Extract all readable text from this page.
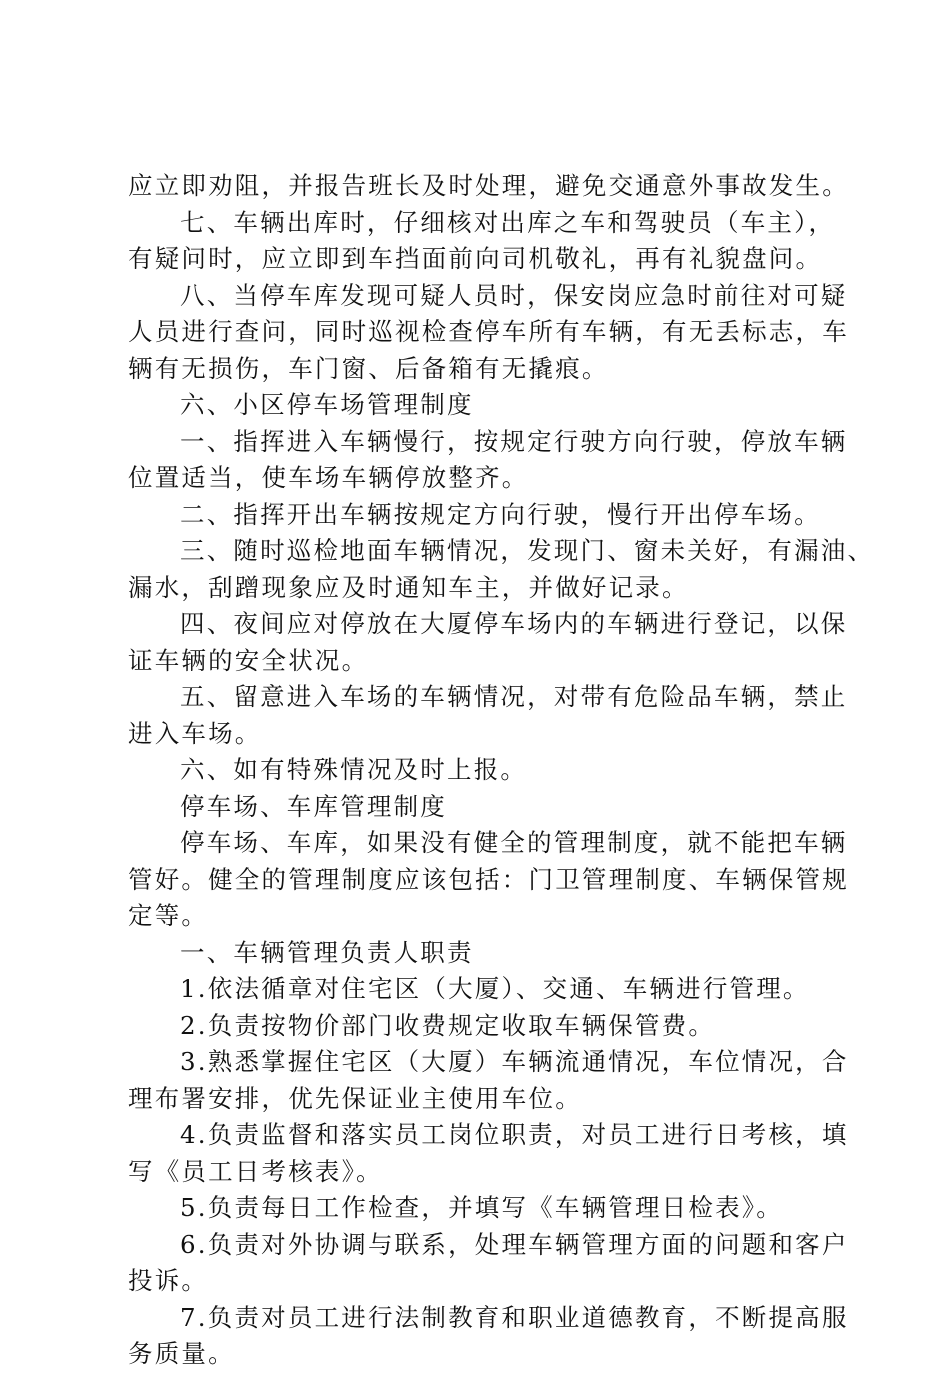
应立即劝阻，并报告班长及时处理，避免交通意外事故发生。
七、车辆出库时，仔细核对出库之车和驾驶员（车主），
有疑问时，应立即到车挡面前向司机敬礼，再有礼貌盘问。
八、当停车库发现可疑人员时，保安岗应急时前往对可疑
人员进行查问，同时巡视检查停车所有车辆，有无丢标志，车
辆有无损伤，车门窗、后备箱有无撬痕。
六、小区停车场管理制度
一、指挥进入车辆慢行，按规定行驶方向行驶，停放车辆
位置适当，使车场车辆停放整齐。
二、指挥开出车辆按规定方向行驶，慢行开出停车场。
三、随时巡检地面车辆情况，发现门、窗未关好，有漏油、
漏水，刮蹭现象应及时通知车主，并做好记录。
四、夜间应对停放在大厦停车场内的车辆进行登记，以保
证车辆的安全状况。
五、留意进入车场的车辆情况，对带有危险品车辆，禁止
进入车场。
六、如有特殊情况及时上报。
停车场、车库管理制度
停车场、车库，如果没有健全的管理制度，就不能把车辆
管好。健全的管理制度应该包括：门卫管理制度、车辆保管规
定等。
一、车辆管理负责人职责
1.依法循章对住宅区（大厦）、交通、车辆进行管理。
2.负责按物价部门收费规定收取车辆保管费。
3.熟悉掌握住宅区（大厦）车辆流通情况，车位情况，合
理布署安排，优先保证业主使用车位。
4.负责监督和落实员工岗位职责，对员工进行日考核，填
写《员工日考核表》。
5.负责每日工作检查，并填写《车辆管理日检表》。
6.负责对外协调与联系，处理车辆管理方面的问题和客户
投诉。
7.负责对员工进行法制教育和职业道德教育，不断提高服
务质量。
